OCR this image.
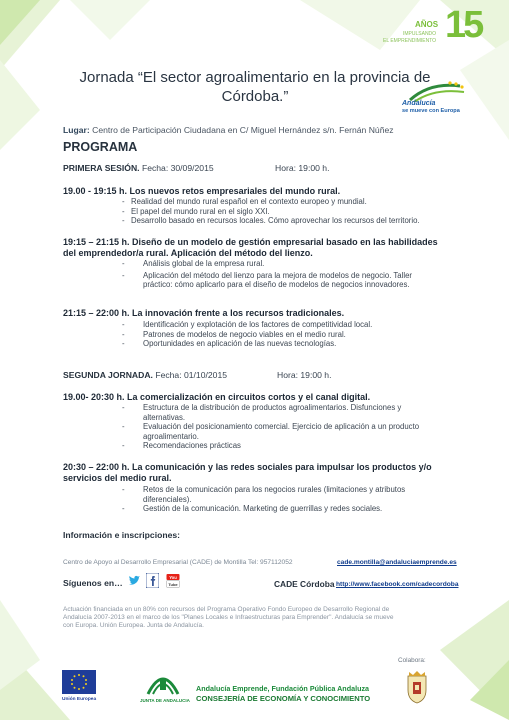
AÑOS
IMPULSANDO
EL EMPRENDIMIENTO 15
Jornada “El sector agroalimentario en la provincia de
Córdoba.”	Andalucía
se mueve con Europa
Lugar: Centro de Participación Ciudadana en C/ Miguel Hernández s/n. Fernán Núñez
PROGRAMA
PRIMERA SESIÓN. Fecha: 30/09/2015	Hora: 19:00 h.
19.00 - 19:15 h. Los nuevos retos empresariales del mundo rural.
- Realidad del mundo rural español en el contexto europeo y mundial.
- El papel del mundo rural en el siglo XXI.
- Desarrollo basado en recursos locales. Cómo aprovechar los recursos del territorio.
19:15 – 21:15 h. Diseño de un modelo de gestión empresarial basado en las habilidades
del emprendedor/a rural. Aplicación del método del lienzo.
- Análisis global de la empresa rural.
- Aplicación del método del lienzo para la mejora de modelos de negocio. Taller
práctico: cómo aplicarlo para el diseño de modelos de negocios innovadores.
21:15 – 22:00 h. La innovación frente a los recursos tradicionales.
- Identificación y explotación de los factores de competitividad local.
- Patrones de modelos de negocio viables en el medio rural.
- Oportunidades en aplicación de las nuevas tecnologías.
SEGUNDA JORNADA. Fecha: 01/10/2015	Hora: 19:00 h.
19.00- 20:30 h. La comercialización en circuitos cortos y el canal digital.
- Estructura de la distribución de productos agroalimentarios. Disfunciones y
alternativas.
- Evaluación del posicionamiento comercial. Ejercicio de aplicación a un producto
agroalimentario.
- Recomendaciones prácticas
20:30 – 22:00 h. La comunicación y las redes sociales para impulsar los productos y/o
servicios del medio rural.
- Retos de la comunicación para los negocios rurales (limitaciones y atributos
diferenciales).
- Gestión de la comunicación. Marketing de guerrillas y redes sociales.
Información e inscripciones:
Centro de Apoyo al Desarrollo Empresarial (CADE) de Montilla Tel: 957112052	cade.montilla@andaluciaemprende.es
Síguenos en…
You
Tube	CADE Córdoba http://www.facebook.com/cadecordoba
Actuación financiada en un 80% con recursos del Programa Operativo Fondo Europeo de Desarrollo Regional de
Andalucía 2007-2013 en el marco de los "Planes Locales e Infraestructuras para Emprender". Andalucía se mueve
con Europa. Unión Europea. Junta de Andalucía.
Colabora:
Unión Europea	JUNTA DE ANDALUCIA
Andalucía Emprende, Fundación Pública Andaluza
CONSEJERÍA DE ECONOMÍA Y CONOCIMIENTO
